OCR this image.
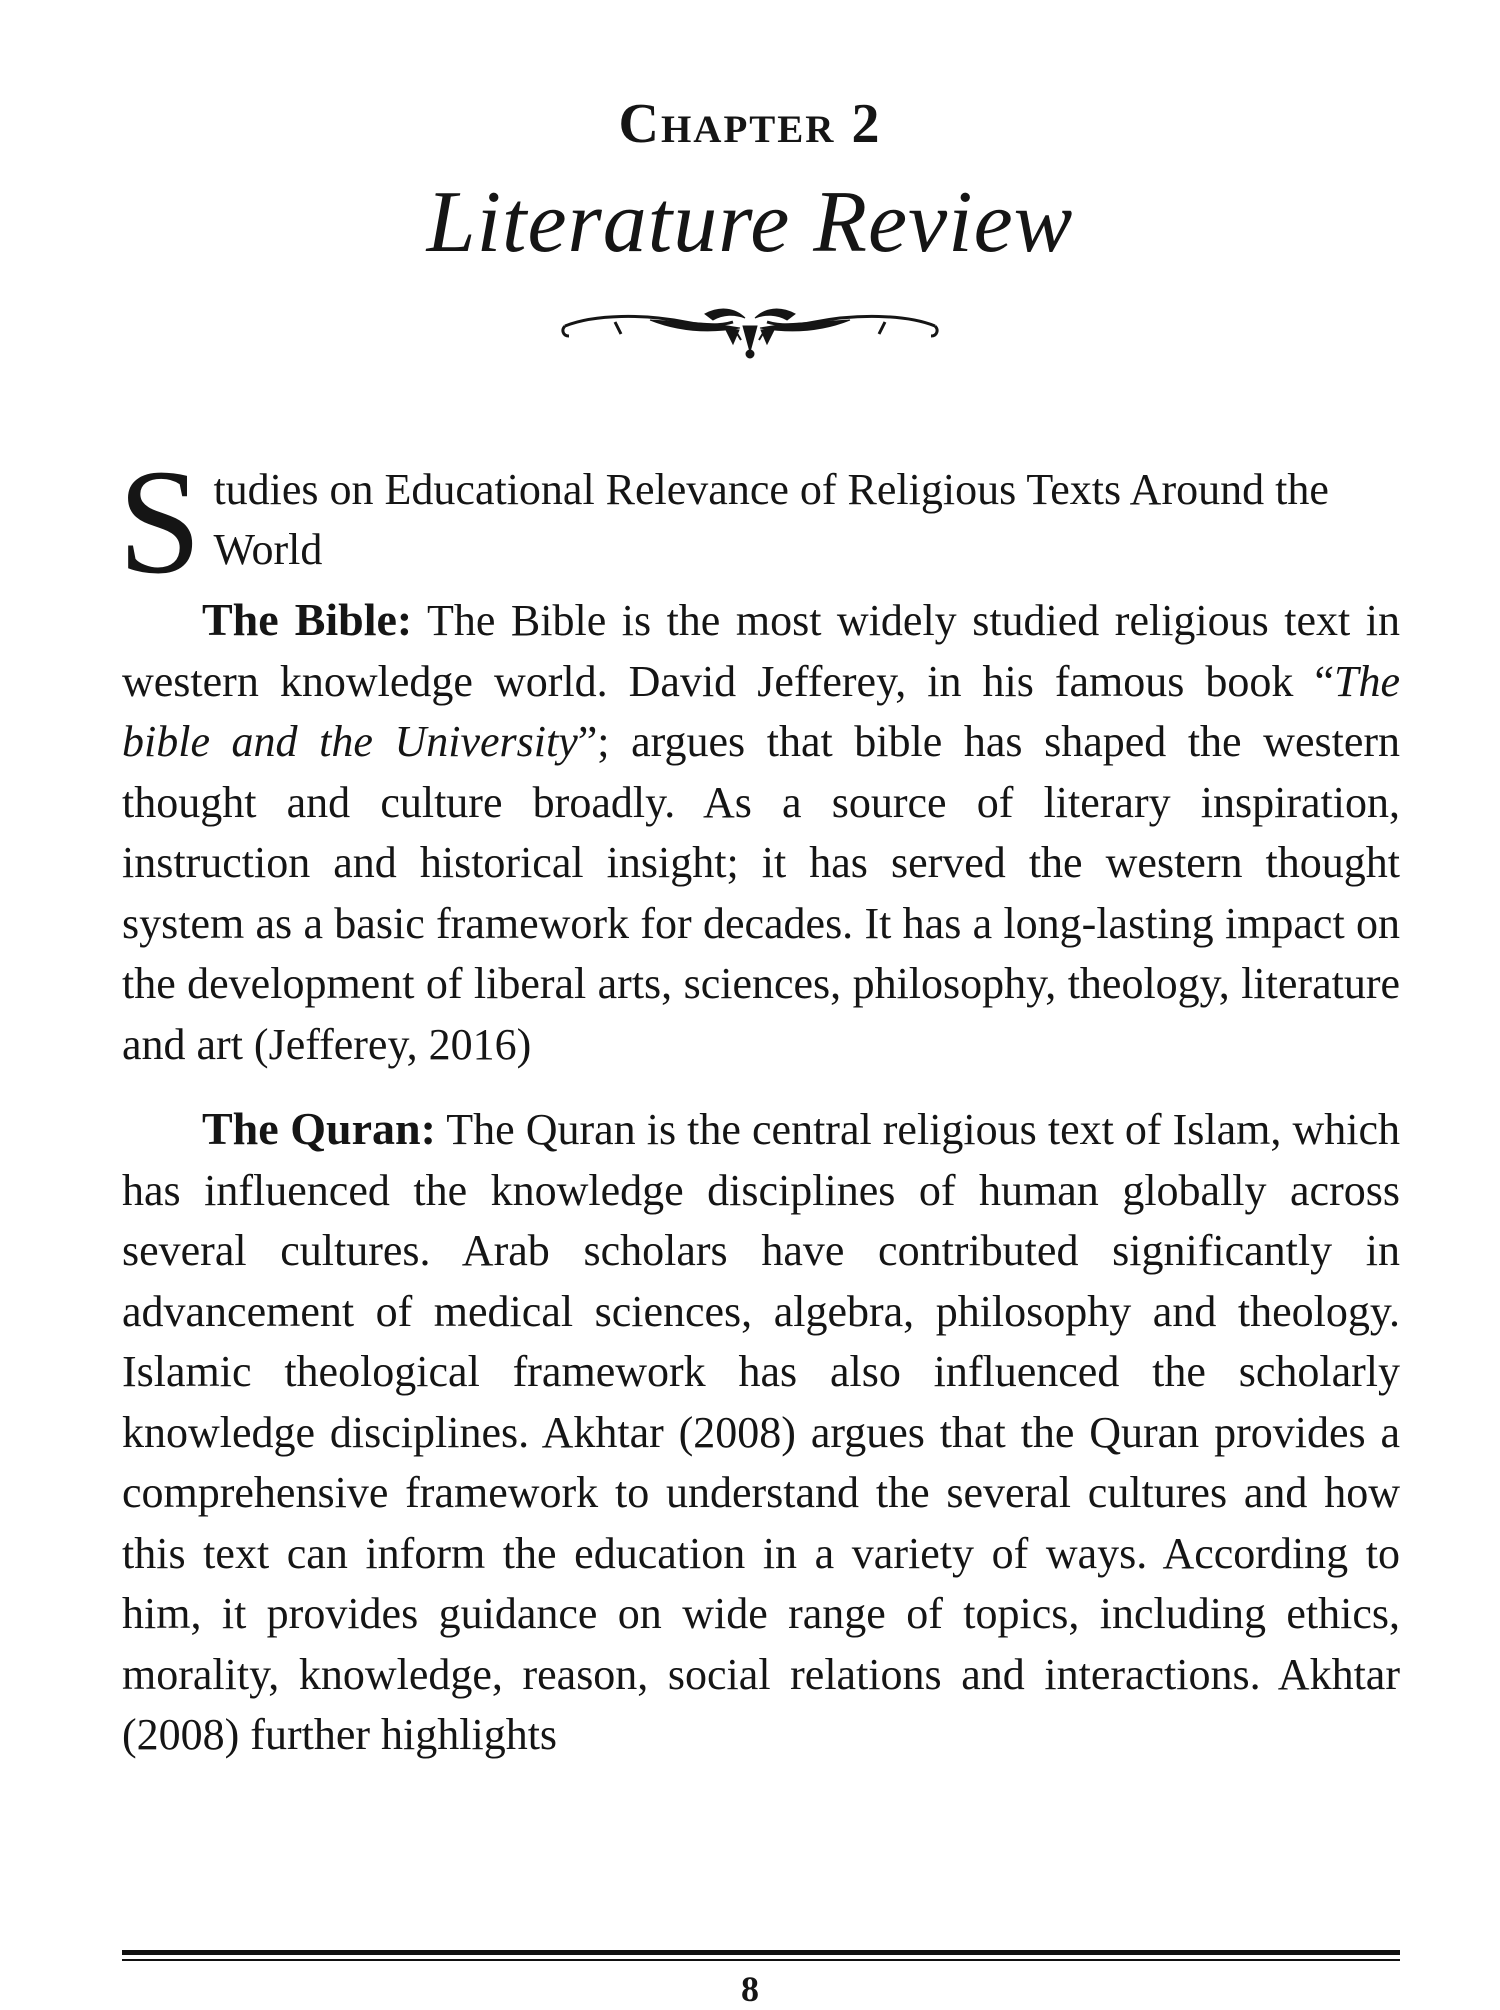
Chapter 2
Literature Review
Studies on Educational Relevance of Religious Texts Around the World

The Bible: The Bible is the most widely studied religious text in western knowledge world. David Jefferey, in his famous book “The bible and the University”; argues that bible has shaped the western thought and culture broadly. As a source of literary inspiration, instruction and historical insight; it has served the western thought system as a basic framework for decades. It has a long-lasting impact on the development of liberal arts, sciences, philosophy, theology, literature and art (Jefferey, 2016)

The Quran: The Quran is the central religious text of Islam, which has influenced the knowledge disciplines of human globally across several cultures. Arab scholars have contributed significantly in advancement of medical sciences, algebra, philosophy and theology. Islamic theological framework has also influenced the scholarly knowledge disciplines. Akhtar (2008) argues that the Quran provides a comprehensive framework to understand the several cultures and how this text can inform the education in a variety of ways. According to him, it provides guidance on wide range of topics, including ethics, morality, knowledge, reason, social relations and interactions. Akhtar (2008) further highlights

8
